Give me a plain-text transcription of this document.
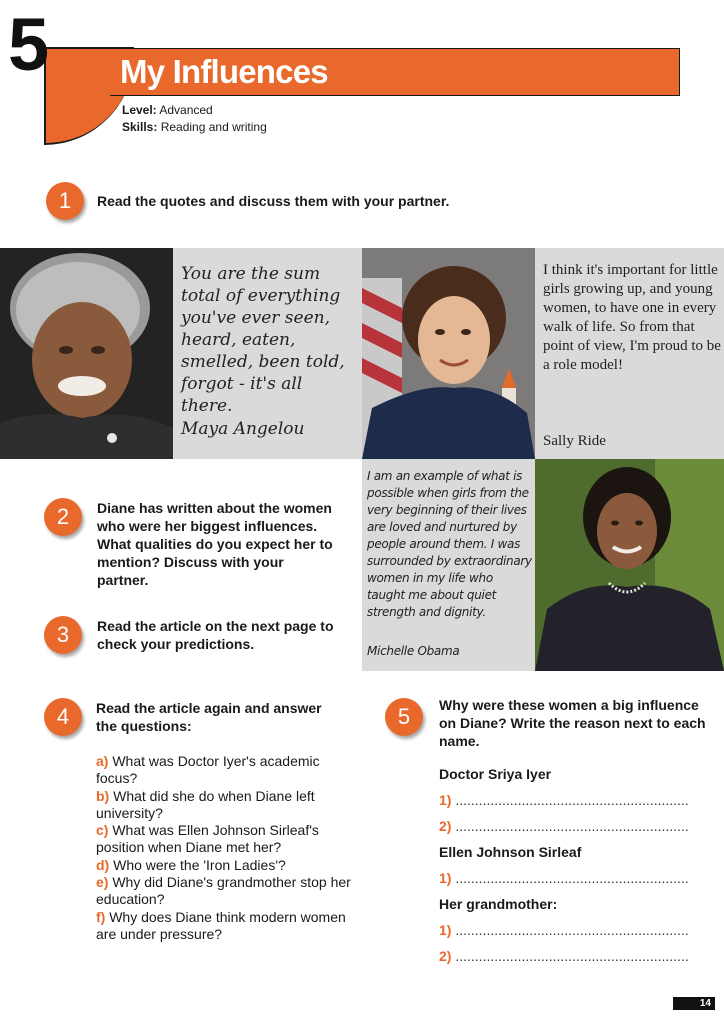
5 My Influences
Level: Advanced
Skills: Reading and writing
1	Read the quotes and discuss them with your partner.
You are the sum total of everything you've ever seen, heard, eaten, smelled, been told, forgot - it's all there.
Maya Angelou
I think it's important for little girls growing up, and young women, to have one in every walk of life. So from that point of view, I'm proud to be a role model!
Sally Ride
I am an example of what is possible when girls from the very beginning of their lives are loved and nurtured by people around them. I was surrounded by extraordinary women in my life who taught me about quiet strength and dignity.
Michelle Obama
2	Diane has written about the women who were her biggest influences. What qualities do you expect her to mention? Discuss with your partner.
3	Read the article on the next page to check your predictions.
4	Read the article again and answer the questions:
a) What was Doctor Iyer's academic focus?
b) What did she do when Diane left university?
c) What was Ellen Johnson Sirleaf's position when Diane met her?
d) Who were the 'Iron Ladies'?
e) Why did Diane's grandmother stop her education?
f) Why does Diane think modern women are under pressure?
5	Why were these women a big influence on Diane? Write the reason next to each name.
Doctor Sriya Iyer
1) ............................................................
2) ............................................................
Ellen Johnson Sirleaf
1) ............................................................
Her grandmother:
1) ............................................................
2) ............................................................
14
